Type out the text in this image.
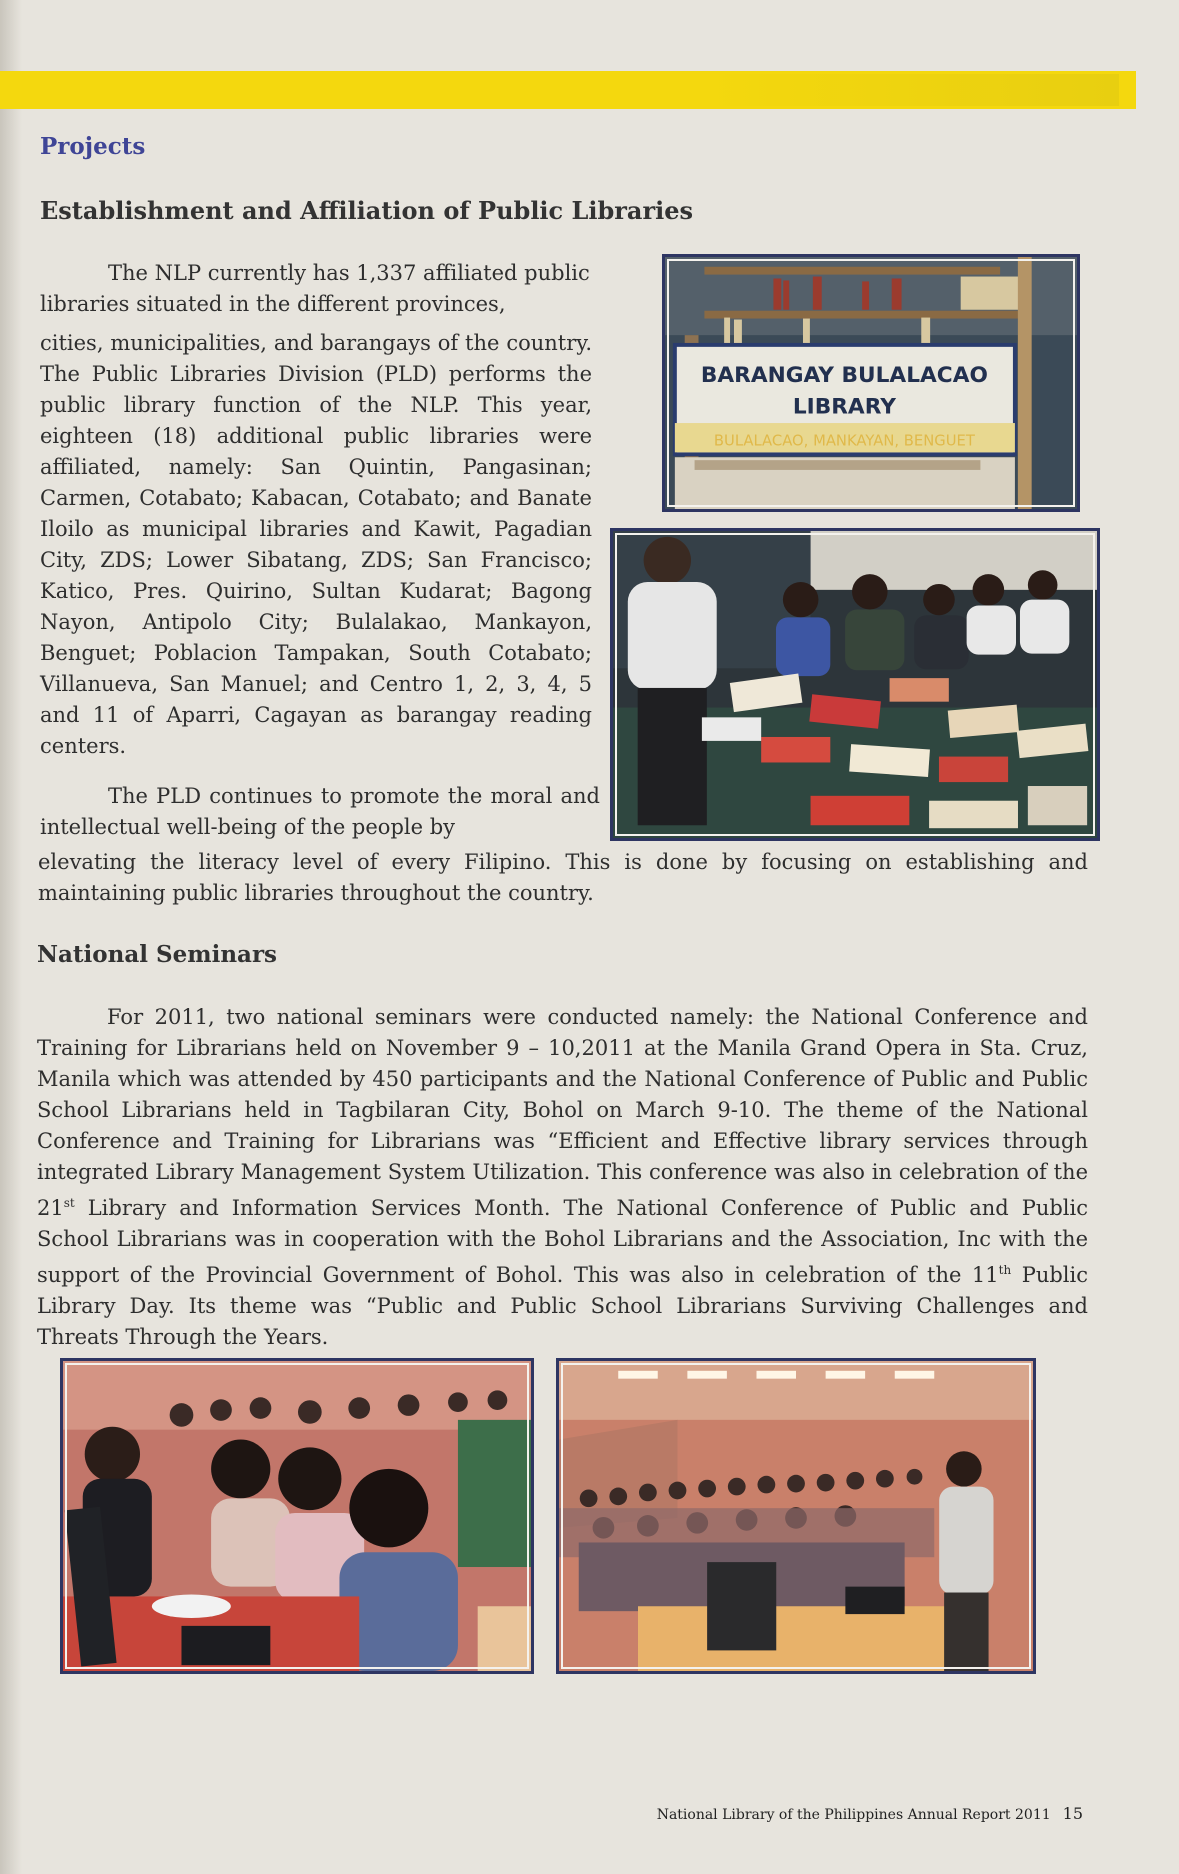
Projects
Establishment and Affiliation of Public Libraries

The NLP currently has 1,337 affiliated public libraries situated in the different provinces,

cities, municipalities, and barangays of the country. The Public Libraries Division (PLD) performs the public library function of the NLP. This year, eighteen (18) additional public libraries were affiliated, namely: San Quintin, Pangasinan; Carmen, Cotabato; Kabacan, Cotabato; and Banate Iloilo as municipal libraries and Kawit, Pagadian City, ZDS; Lower Sibatang, ZDS; San Francisco; Katico, Pres. Quirino, Sultan Kudarat; Bagong Nayon, Antipolo City; Bulalakao, Mankayon, Benguet; Poblacion Tampakan, South Cotabato; Villanueva, San Manuel; and Centro 1, 2, 3, 4, 5 and 11 of Aparri, Cagayan as barangay reading centers.

The PLD continues to promote the moral and intellectual well-being of the people by

elevating the literacy level of every Filipino. This is done by focusing on establishing and maintaining public libraries throughout the country.

BARANGAY BULALACAO
LIBRARY
BULALACAO, MANKAYAN, BENGUET
National Seminars

For 2011, two national seminars were conducted namely: the National Conference and Training for Librarians held on November 9 – 10,2011 at the Manila Grand Opera in Sta. Cruz, Manila which was attended by 450 participants and the National Conference of Public and Public School Librarians held in Tagbilaran City, Bohol on March 9-10. The theme of the National Conference and Training for Librarians was “Efficient and Effective library services through integrated Library Management System Utilization. This conference was also in celebration of the 21st Library and Information Services Month. The National Conference of Public and Public School Librarians was in cooperation with the Bohol Librarians and the Association, Inc with the support of the Provincial Government of Bohol. This was also in celebration of the 11th Public Library Day. Its theme was “Public and Public School Librarians Surviving Challenges and Threats Through the Years.

National Library of the Philippines Annual Report 2011 15
